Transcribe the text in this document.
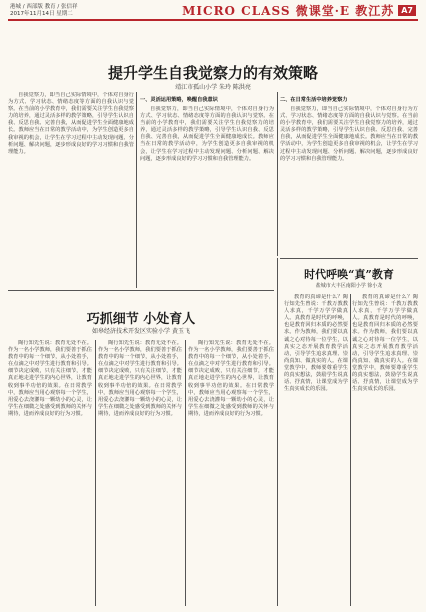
港城 / 西部版 教育 / 张信祥
2017年11月14日 星期二	MICRO CLASS 微课堂·E 教江苏 A7
提升学生自我觉察力的有效策略
靖江市孤山小学 朱玲 陈洪亮

自我觉察力，即当自己实际情境中，个体对自身行为方式、学习状态、情绪态度等方面的自我认识与觉察。在当前的小学教育中，我们需要关注学生自我觉察力的培养，通过灵活多样的教学策略，引导学生认识自我、反思自我、完善自我，从而促进学生全面健康地成长。教师应当在日常的教学活动中，为学生创造更多自我审视的机会，让学生在学习过程中主动发现问题、分析问题、解决问题，逐步形成良好的学习习惯和自我管理能力。

一、灵活运用策略，唤醒自我意识

自我觉察力，即当自己实际情境中，个体对自身行为方式、学习状态、情绪态度等方面的自我认识与觉察。在当前的小学教育中，我们需要关注学生自我觉察力的培养，通过灵活多样的教学策略，引导学生认识自我、反思自我、完善自我，从而促进学生全面健康地成长。教师应当在日常的教学活动中，为学生创造更多自我审视的机会，让学生在学习过程中主动发现问题、分析问题、解决问题，逐步形成良好的学习习惯和自我管理能力。

二、在日常生活中培养觉察力

自我觉察力，即当自己实际情境中，个体对自身行为方式、学习状态、情绪态度等方面的自我认识与觉察。在当前的小学教育中，我们需要关注学生自我觉察力的培养，通过灵活多样的教学策略，引导学生认识自我、反思自我、完善自我，从而促进学生全面健康地成长。教师应当在日常的教学活动中，为学生创造更多自我审视的机会，让学生在学习过程中主动发现问题、分析问题、解决问题，逐步形成良好的学习习惯和自我管理能力。

时代呼唤“真”教育
盐城市大丰区南阳小学 徐小龙

教育的真谛是什么？陶行知先生曾说：千教万教教人求真，千学万学学做真人。真教育是时代的呼唤，也是教育回归本质的必然要求。作为教师，我们要以真诚之心对待每一位学生，以真实之态开展教育教学活动，引导学生追求真理、崇尚真知、做真实的人。在课堂教学中，教师要尊重学生的真实想法，鼓励学生说真话、抒真情，让课堂成为学生真实成长的乐园。

教育的真谛是什么？陶行知先生曾说：千教万教教人求真，千学万学学做真人。真教育是时代的呼唤，也是教育回归本质的必然要求。作为教师，我们要以真诚之心对待每一位学生，以真实之态开展教育教学活动，引导学生追求真理、崇尚真知、做真实的人。在课堂教学中，教师要尊重学生的真实想法，鼓励学生说真话、抒真情，让课堂成为学生真实成长的乐园。

巧抓细节 小处育人
如皋经济技术开发区实验小学 黄玉飞

陶行知先生说：教育无处不在。作为一名小学教师，我们要善于抓住教育中的每一个细节，从小处着手，在点滴之中对学生进行教育和引导。细节决定成败，只有关注细节，才能真正地走进学生的内心世界，让教育收到事半功倍的效果。在日常教学中，教师应当用心观察每一个学生，用爱心去浇灌每一颗幼小的心灵，让学生在细微之处感受到教师的关怀与期待，进而养成良好的行为习惯。

陶行知先生说：教育无处不在。作为一名小学教师，我们要善于抓住教育中的每一个细节，从小处着手，在点滴之中对学生进行教育和引导。细节决定成败，只有关注细节，才能真正地走进学生的内心世界，让教育收到事半功倍的效果。在日常教学中，教师应当用心观察每一个学生，用爱心去浇灌每一颗幼小的心灵，让学生在细微之处感受到教师的关怀与期待，进而养成良好的行为习惯。

陶行知先生说：教育无处不在。作为一名小学教师，我们要善于抓住教育中的每一个细节，从小处着手，在点滴之中对学生进行教育和引导。细节决定成败，只有关注细节，才能真正地走进学生的内心世界，让教育收到事半功倍的效果。在日常教学中，教师应当用心观察每一个学生，用爱心去浇灌每一颗幼小的心灵，让学生在细微之处感受到教师的关怀与期待，进而养成良好的行为习惯。
